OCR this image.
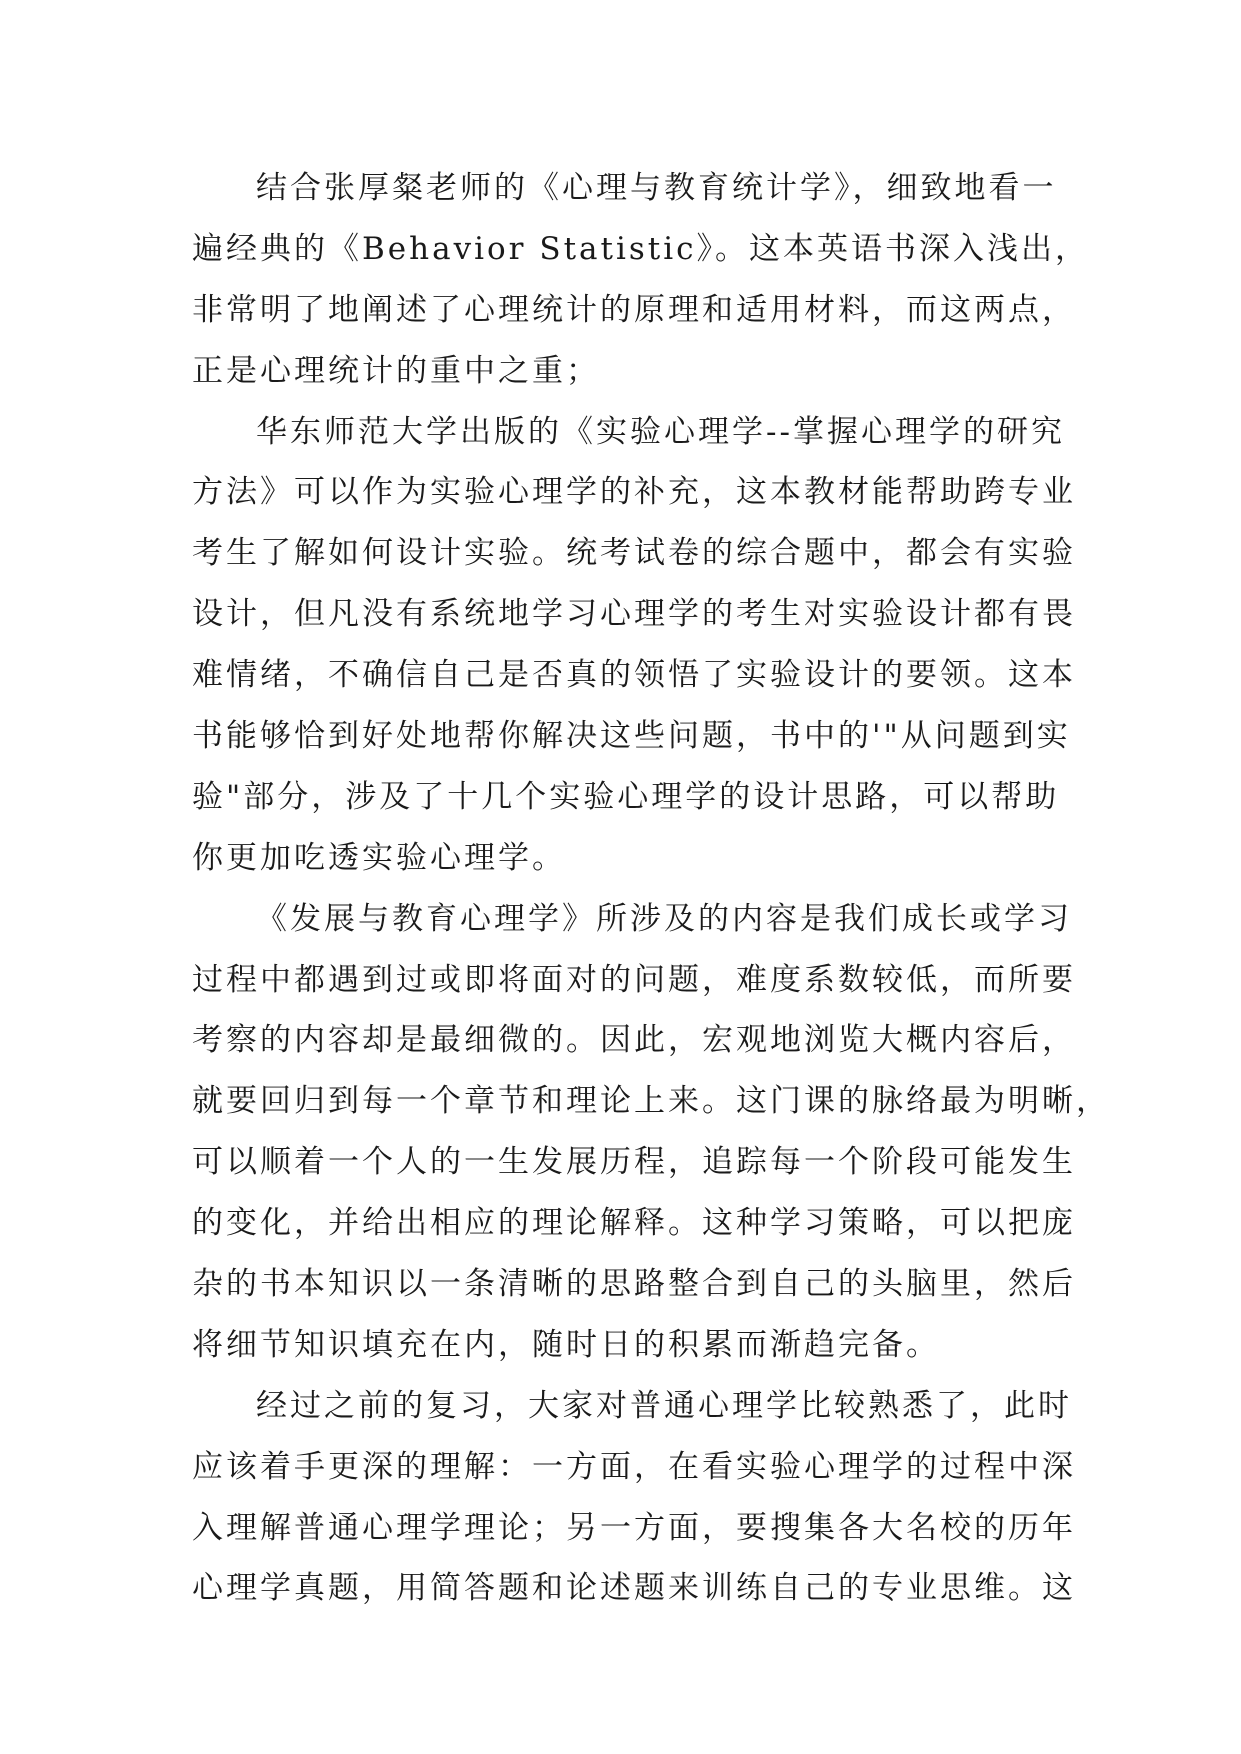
结合张厚粲老师的《心理与教育统计学》，细致地看一
遍经典的《Behavior Statistic》。这本英语书深入浅出，
非常明了地阐述了心理统计的原理和适用材料，而这两点，
正是心理统计的重中之重；
华东师范大学出版的《实验心理学--掌握心理学的研究
方法》可以作为实验心理学的补充，这本教材能帮助跨专业
考生了解如何设计实验。统考试卷的综合题中，都会有实验
设计，但凡没有系统地学习心理学的考生对实验设计都有畏
难情绪，不确信自己是否真的领悟了实验设计的要领。这本
书能够恰到好处地帮你解决这些问题，书中的'"从问题到实
验"部分，涉及了十几个实验心理学的设计思路，可以帮助
你更加吃透实验心理学。
《发展与教育心理学》所涉及的内容是我们成长或学习
过程中都遇到过或即将面对的问题，难度系数较低，而所要
考察的内容却是最细微的。因此，宏观地浏览大概内容后，
就要回归到每一个章节和理论上来。这门课的脉络最为明晰，
可以顺着一个人的一生发展历程，追踪每一个阶段可能发生
的变化，并给出相应的理论解释。这种学习策略，可以把庞
杂的书本知识以一条清晰的思路整合到自己的头脑里，然后
将细节知识填充在内，随时日的积累而渐趋完备。
经过之前的复习，大家对普通心理学比较熟悉了，此时
应该着手更深的理解：一方面，在看实验心理学的过程中深
入理解普通心理学理论；另一方面，要搜集各大名校的历年
心理学真题，用简答题和论述题来训练自己的专业思维。这
